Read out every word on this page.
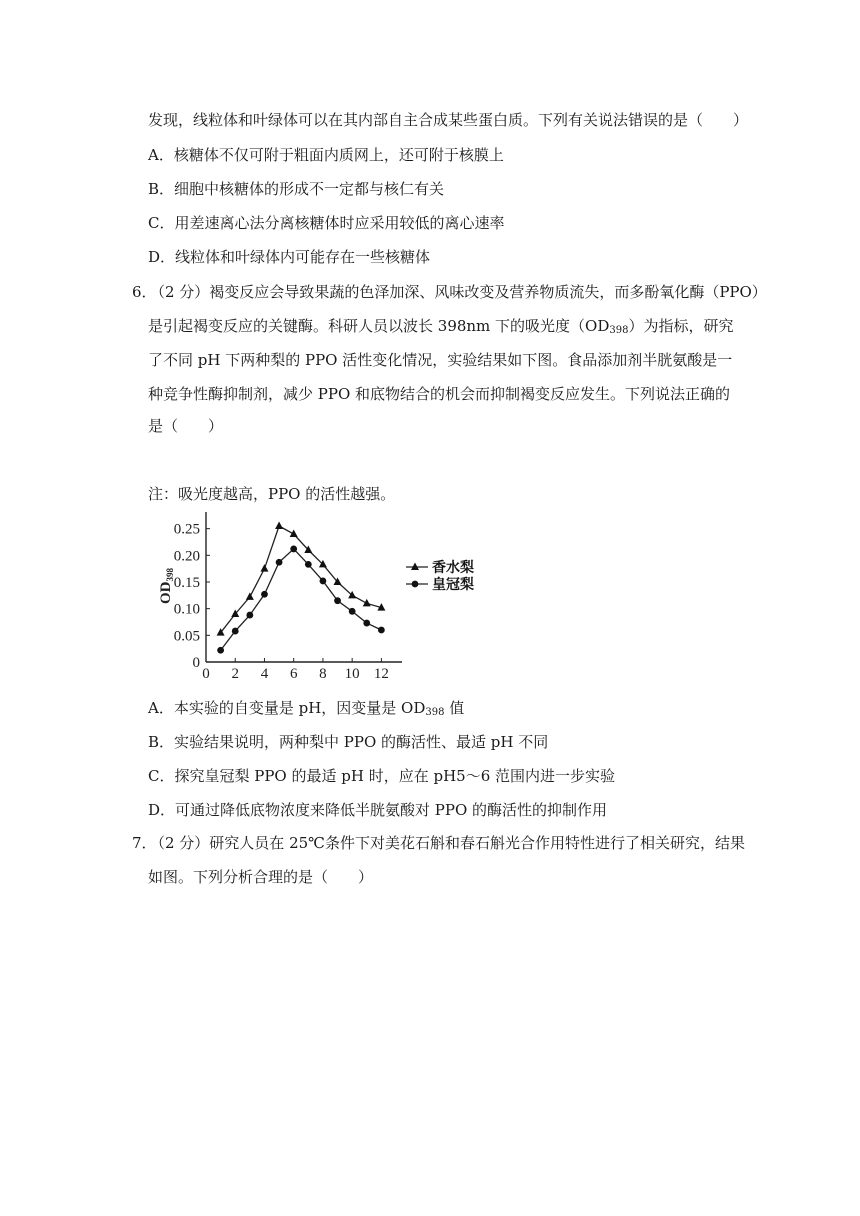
发现，线粒体和叶绿体可以在其内部自主合成某些蛋白质。下列有关说法错误的是（　　）
A．核糖体不仅可附于粗面内质网上，还可附于核膜上
B．细胞中核糖体的形成不一定都与核仁有关
C．用差速离心法分离核糖体时应采用较低的离心速率
D．线粒体和叶绿体内可能存在一些核糖体
6．
（2 分）褐变反应会导致果蔬的色泽加深、风味改变及营养物质流失，而多酚氧化酶（PPO）
是引起褐变反应的关键酶。科研人员以波长 398nm 下的吸光度$(OD_{398})$为指标，研究
了不同 pH 下两种梨的 PPO 活性变化情况，实验结果如下图。食品添加剂半胱氨酸是一
种竞争性酶抑制剂，减少 PPO 和底物结合的机会而抑制褐变反应发生。下列说法正确的
是（　　）
注：吸光度越高，PPO 的活性越强。
0 2 4 6 8 10 12
0
0.05
0.10
0.15
0.20
0.25
$OD_{398}$	香水梨
皇冠梨
A．本实验的自变量是 pH，因变量是 $OD_{398}$ 值
B．实验结果说明，两种梨中 PPO 的酶活性、最适 pH 不同
C．探究皇冠梨 PPO 的最适 pH 时，应在 pH5～6 范围内进一步实验
D．可通过降低底物浓度来降低半胱氨酸对 PPO 的酶活性的抑制作用
7．
（2 分）研究人员在 25℃条件下对美花石斛和春石斛光合作用特性进行了相关研究，结果
如图。下列分析合理的是（　　）
